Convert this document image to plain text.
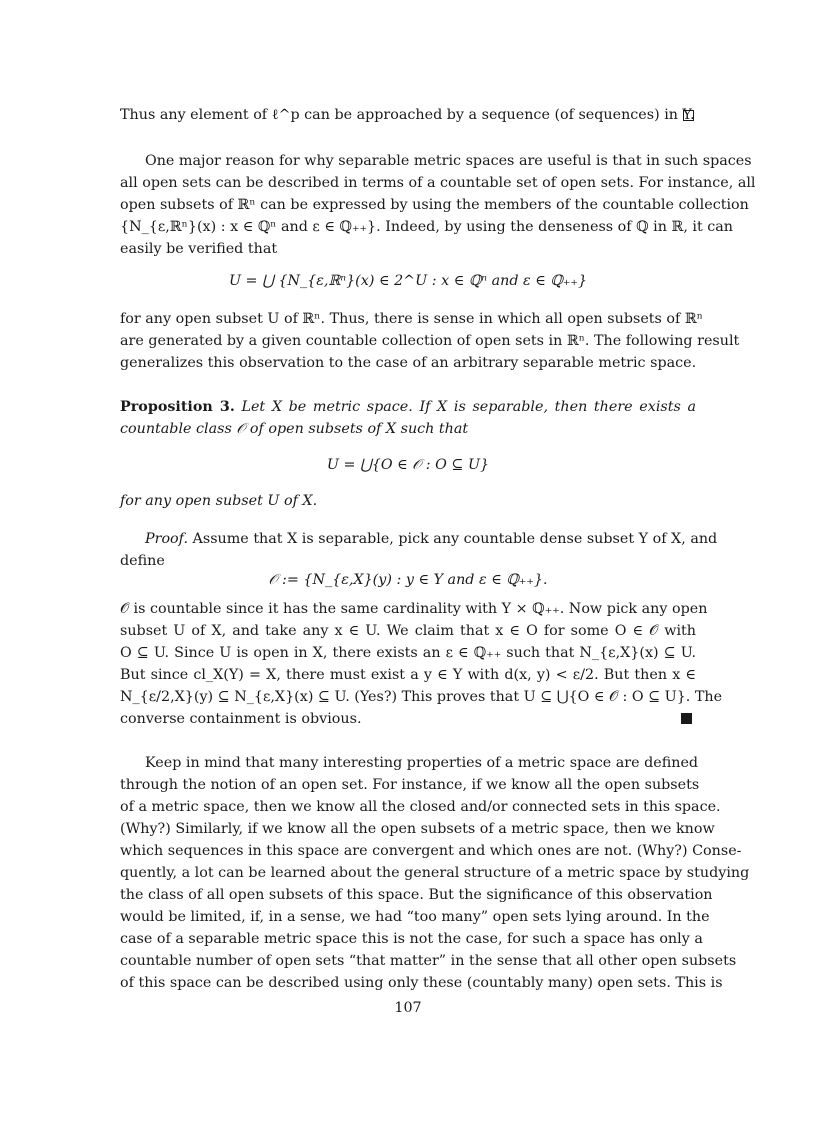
Thus any element of ℓ^p can be approached by a sequence (of sequences) in Y.
One major reason for why separable metric spaces are useful is that in such spaces
all open sets can be described in terms of a countable set of open sets. For instance, all
open subsets of ℝⁿ can be expressed by using the members of the countable collection
{N_{ε,ℝⁿ}(x) : x ∈ ℚⁿ and ε ∈ ℚ₊₊}. Indeed, by using the denseness of ℚ in ℝ, it can
easily be verified that
U = ⋃ {N_{ε,ℝⁿ}(x) ∈ 2^U : x ∈ ℚⁿ and ε ∈ ℚ₊₊}
for any open subset U of ℝⁿ. Thus, there is sense in which all open subsets of ℝⁿ
are generated by a given countable collection of open sets in ℝⁿ. The following result
generalizes this observation to the case of an arbitrary separable metric space.
Proposition 3. Let X be metric space. If X is separable, then there exists a
countable class 𝒪 of open subsets of X such that
U = ⋃{O ∈ 𝒪 : O ⊆ U}
for any open subset U of X.
Proof. Assume that X is separable, pick any countable dense subset Y of X, and
define
𝒪 := {N_{ε,X}(y) : y ∈ Y and ε ∈ ℚ₊₊}.
𝒪 is countable since it has the same cardinality with Y × ℚ₊₊. Now pick any open
subset U of X, and take any x ∈ U. We claim that x ∈ O for some O ∈ 𝒪 with
O ⊆ U. Since U is open in X, there exists an ε ∈ ℚ₊₊ such that N_{ε,X}(x) ⊆ U.
But since cl_X(Y) = X, there must exist a y ∈ Y with d(x, y) < ε/2. But then x ∈
N_{ε/2,X}(y) ⊆ N_{ε,X}(x) ⊆ U. (Yes?) This proves that U ⊆ ⋃{O ∈ 𝒪 : O ⊆ U}. The
converse containment is obvious.
Keep in mind that many interesting properties of a metric space are defined
through the notion of an open set. For instance, if we know all the open subsets
of a metric space, then we know all the closed and/or connected sets in this space.
(Why?) Similarly, if we know all the open subsets of a metric space, then we know
which sequences in this space are convergent and which ones are not. (Why?) Conse-
quently, a lot can be learned about the general structure of a metric space by studying
the class of all open subsets of this space. But the significance of this observation
would be limited, if, in a sense, we had “too many” open sets lying around. In the
case of a separable metric space this is not the case, for such a space has only a
countable number of open sets “that matter” in the sense that all other open subsets
of this space can be described using only these (countably many) open sets. This is
107
